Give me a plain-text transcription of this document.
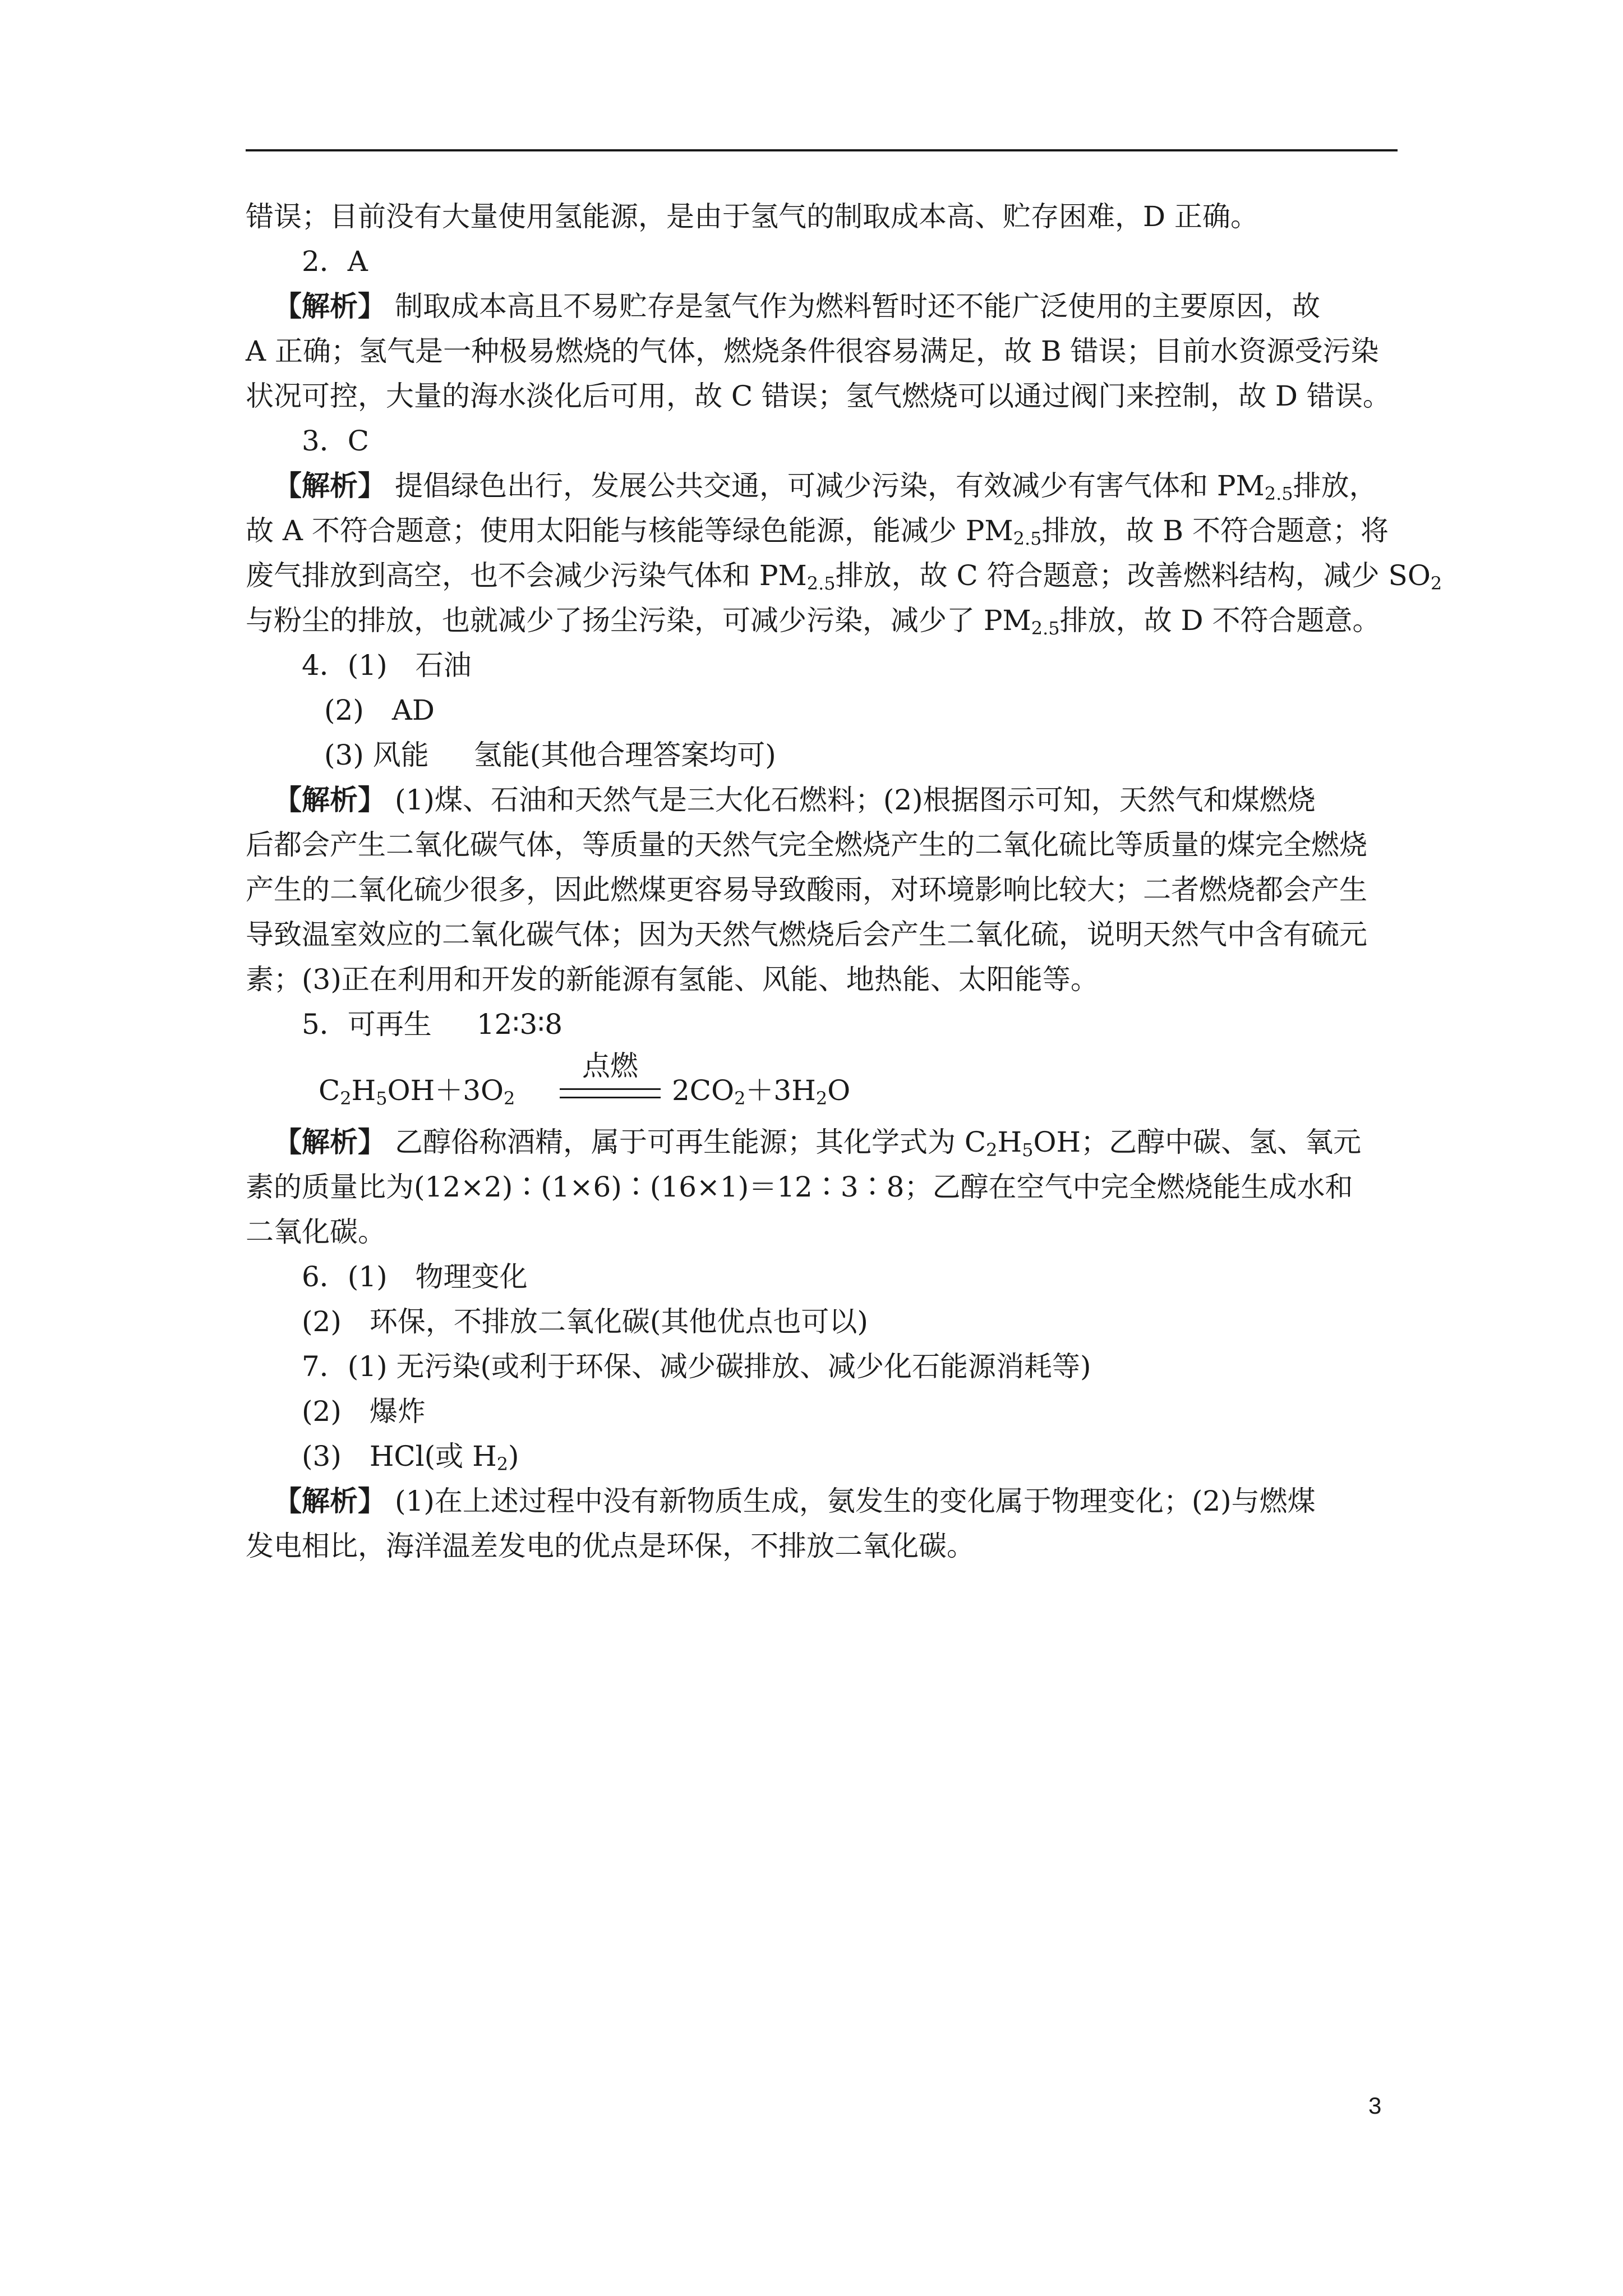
错误；目前没有大量使用氢能源，是由于氢气的制取成本高、贮存困难，D 正确。
2．A
【解析】 制取成本高且不易贮存是氢气作为燃料暂时还不能广泛使用的主要原因，故
A 正确；氢气是一种极易燃烧的气体，燃烧条件很容易满足，故 B 错误；目前水资源受污染
状况可控，大量的海水淡化后可用，故 C 错误；氢气燃烧可以通过阀门来控制，故 D 错误。
3．C
【解析】 提倡绿色出行，发展公共交通，可减少污染，有效减少有害气体和 $PM_{2.5}$排放，
故 A 不符合题意；使用太阳能与核能等绿色能源，能减少 $PM_{2.5}$排放，故 B 不符合题意；将
废气排放到高空，也不会减少污染气体和 $PM_{2.5}$排放，故 C 符合题意；改善燃料结构，减少 $SO_2$
与粉尘的排放，也就减少了扬尘污染，可减少污染，减少了 $PM_{2.5}$排放，故 D 不符合题意。
4．(1)　石油
(2)　AD
(3) 风能 氢能(其他合理答案均可)
【解析】 (1)煤、石油和天然气是三大化石燃料；(2)根据图示可知，天然气和煤燃烧
后都会产生二氧化碳气体，等质量的天然气完全燃烧产生的二氧化硫比等质量的煤完全燃烧
产生的二氧化硫少很多，因此燃煤更容易导致酸雨，对环境影响比较大；二者燃烧都会产生
导致温室效应的二氧化碳气体；因为天然气燃烧后会产生二氧化硫，说明天然气中含有硫元
素；(3)正在利用和开发的新能源有氢能、风能、地热能、太阳能等。
5．可再生 12∶3∶8
$C_2H_5OH+3O_2$
点燃
$2CO_2+3H_2O$
【解析】 乙醇俗称酒精，属于可再生能源；其化学式为 $C_2H_5OH$；乙醇中碳、氢、氧元
素的质量比为(12×2)∶(1×6)∶(16×1)＝12∶3∶8；乙醇在空气中完全燃烧能生成水和
二氧化碳。
6．(1)　物理变化
(2)　环保，不排放二氧化碳(其他优点也可以)
7．(1) 无污染(或利于环保、减少碳排放、减少化石能源消耗等)
(2)　爆炸
(3)　HCl(或 $H_2$)
【解析】 (1)在上述过程中没有新物质生成，氨发生的变化属于物理变化；(2)与燃煤
发电相比，海洋温差发电的优点是环保，不排放二氧化碳。
3
